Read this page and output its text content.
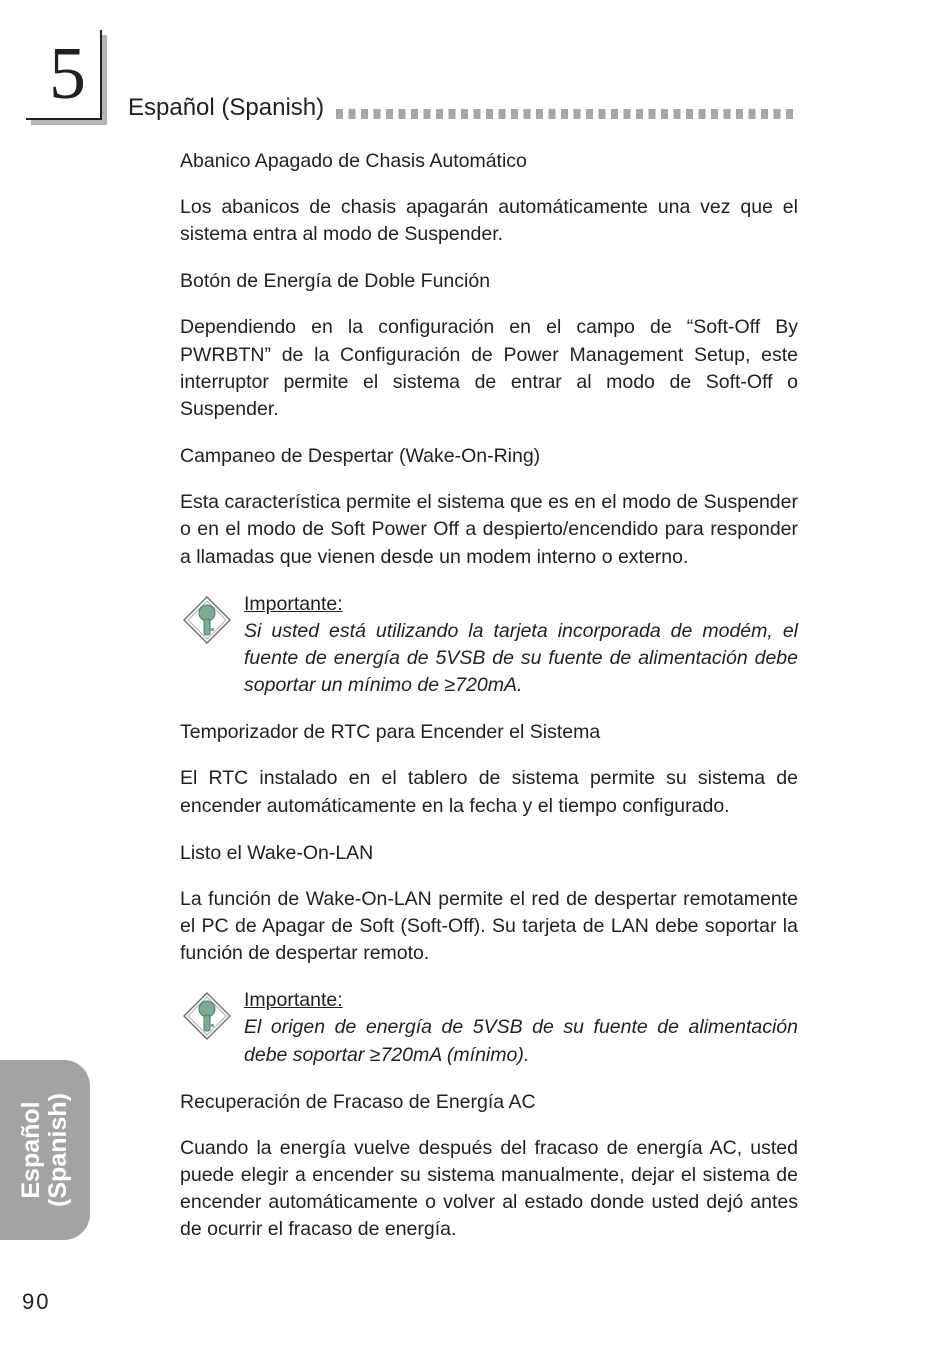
5 Español (Spanish)
Abanico Apagado de Chasis Automático
Los abanicos de chasis apagarán automáticamente una vez que el sistema entra al modo de Suspender.
Botón de Energía de Doble Función
Dependiendo en la configuración en el campo de “Soft-Off By PWRBTN” de la Configuración de Power Management Setup, este interruptor permite el sistema de entrar al modo de Soft-Off o Suspender.
Campaneo de Despertar (Wake-On-Ring)
Esta característica permite el sistema que es en el modo de Suspender o en el modo de Soft Power Off a despierto/encendido para responder a llamadas que vienen desde un modem interno o externo.
Importante:
Si usted está utilizando la tarjeta incorporada de modém, el fuente de energía de 5VSB de su fuente de alimentación debe soportar un mínimo de ≥720mA.
Temporizador de RTC para Encender el Sistema
El RTC instalado en el tablero de sistema permite su sistema de encender automáticamente en la fecha y el tiempo configurado.
Listo el Wake-On-LAN
La función de Wake-On-LAN permite el red de despertar remotamente el PC de Apagar de Soft (Soft-Off). Su tarjeta de LAN debe soportar la función de despertar remoto.
Importante:
El origen de energía de 5VSB de su fuente de alimentación debe soportar ≥720mA (mínimo).
Recuperación de Fracaso de Energía AC
Cuando la energía vuelve después del fracaso de energía AC, usted puede elegir a encender su sistema manualmente, dejar el sistema de encender automáticamente o volver al estado donde usted dejó antes de ocurrir el fracaso de energía.
Español (Spanish)
90
